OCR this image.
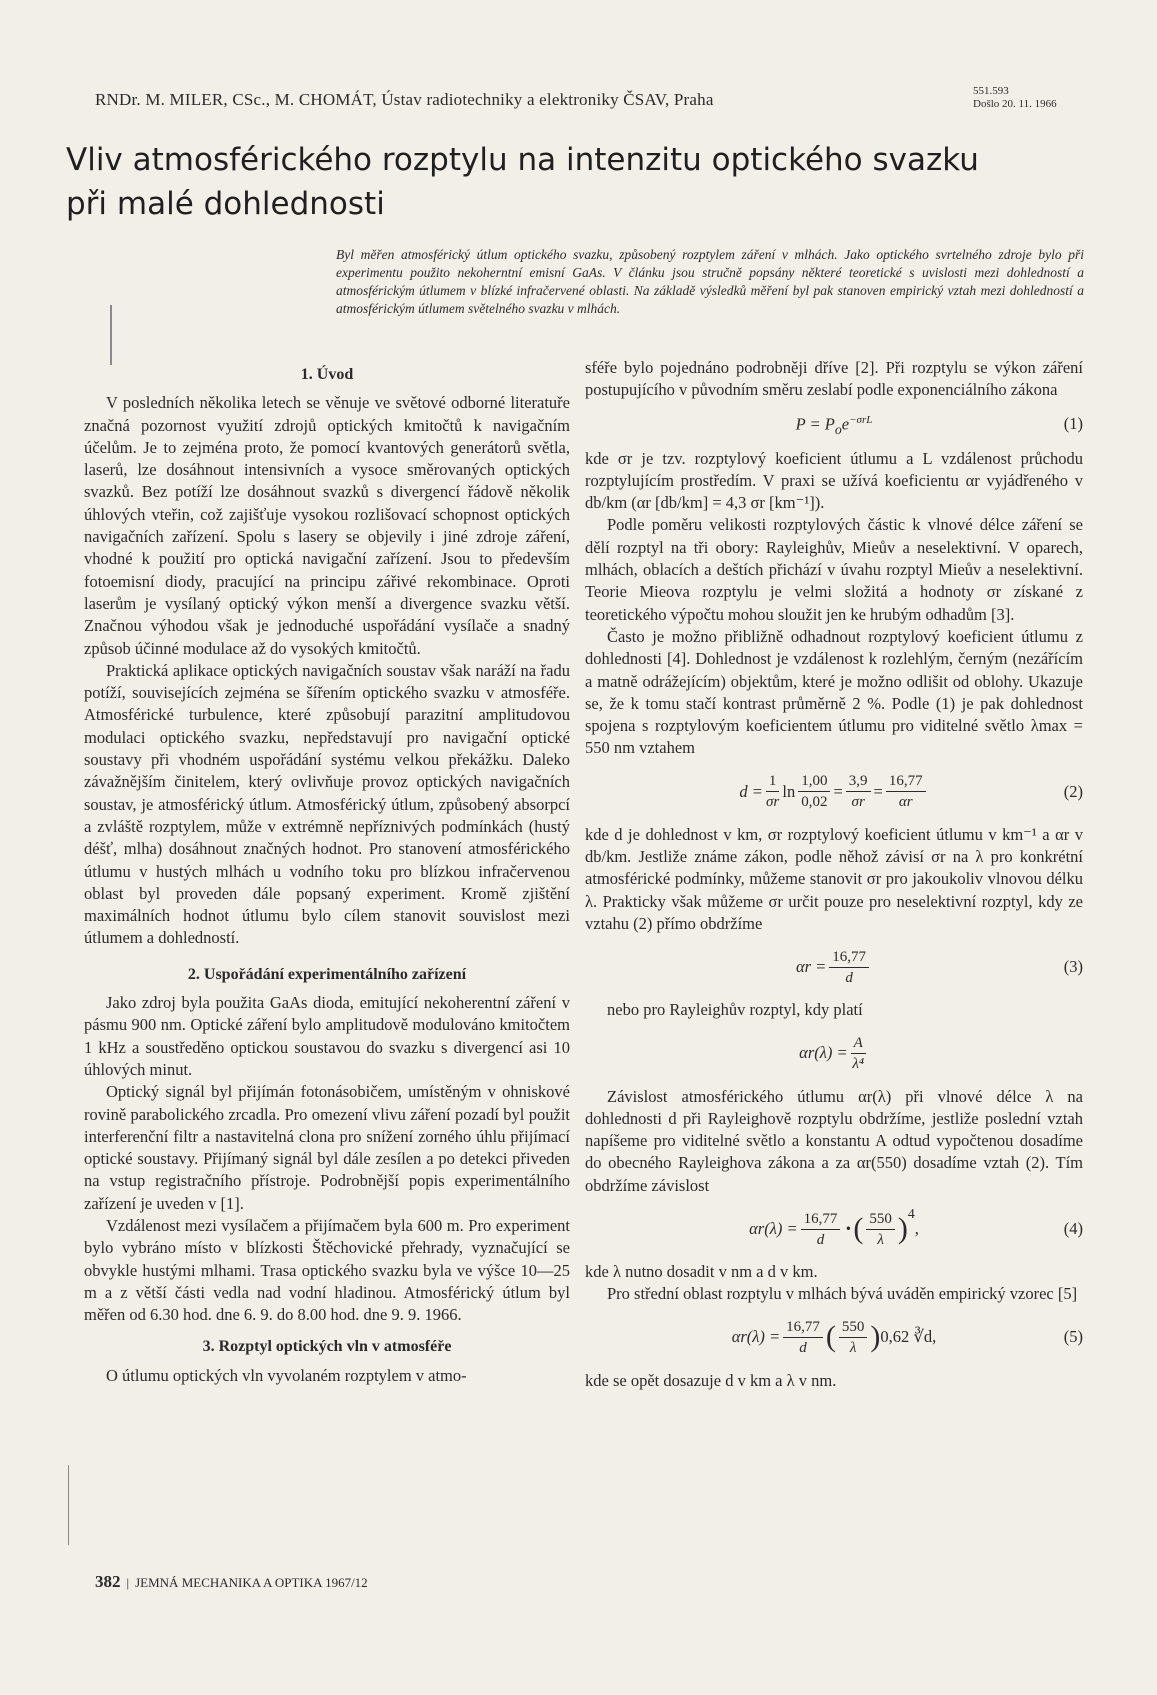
RNDr. M. MILER, CSc., M. CHOMÁT, Ústav radiotechniky a elektroniky ČSAV, Praha	551.593
Došlo 20. 11. 1966
Vliv atmosférického rozptylu na intenzitu optického svazku
při malé dohlednosti
Byl měřen atmosférický útlum optického svazku, způsobený rozptylem záření v mlhách. Jako optického svrtelného zdroje bylo při experimentu použito nekoherntní emisní GaAs. V článku jsou stručně popsány některé teoretické s uvislosti mezi dohledností a atmosférickým útlumem v blízké infračervené oblasti. Na základě výsledků měření byl pak stanoven empirický vztah mezi dohledností a atmosférickým útlumem světelného svazku v mlhách.
1. Úvod

V posledních několika letech se věnuje ve světové odborné literatuře značná pozornost využití zdrojů optických kmitočtů k navigačním účelům. Je to zejména proto, že pomocí kvantových generátorů světla, laserů, lze dosáhnout intensivních a vysoce směrovaných optických svazků. Bez potíží lze dosáhnout svazků s divergencí řádově několik úhlových vteřin, což zajišťuje vysokou rozlišovací schopnost optických navigačních zařízení. Spolu s lasery se objevily i jiné zdroje záření, vhodné k použití pro optická navigační zařízení. Jsou to především fotoemisní diody, pracující na principu zářivé rekombinace. Oproti laserům je vysílaný optický výkon menší a divergence svazku větší. Značnou výhodou však je jednoduché uspořádání vysílače a snadný způsob účinné modulace až do vysokých kmitočtů.

Praktická aplikace optických navigačních soustav však naráží na řadu potíží, souvisejících zejména se šířením optického svazku v atmosféře. Atmosférické turbulence, které způsobují parazitní amplitudovou modulaci optického svazku, nepředstavují pro navigační optické soustavy při vhodném uspořádání systému velkou překážku. Daleko závažnějším činitelem, který ovlivňuje provoz optických navigačních soustav, je atmosférický útlum. Atmosférický útlum, způsobený absorpcí a zvláště rozptylem, může v extrémně nepříznivých podmínkách (hustý déšť, mlha) dosáhnout značných hodnot. Pro stanovení atmosférického útlumu v hustých mlhách u vodního toku pro blízkou infračervenou oblast byl proveden dále popsaný experiment. Kromě zjištění maximálních hodnot útlumu bylo cílem stanovit souvislost mezi útlumem a dohledností.

2. Uspořádání experimentálního zařízení

Jako zdroj byla použita GaAs dioda, emitující nekoherentní záření v pásmu 900 nm. Optické záření bylo amplitudově modulováno kmitočtem 1 kHz a soustředěno optickou soustavou do svazku s divergencí asi 10 úhlových minut.

Optický signál byl přijímán fotonásobičem, umístěným v ohniskové rovině parabolického zrcadla. Pro omezení vlivu záření pozadí byl použit interferenční filtr a nastavitelná clona pro snížení zorného úhlu přijímací optické soustavy. Přijímaný signál byl dále zesílen a po detekci přiveden na vstup registračního přístroje. Podrobnější popis experimentálního zařízení je uveden v [1].

Vzdálenost mezi vysílačem a přijímačem byla 600 m. Pro experiment bylo vybráno místo v blízkosti Štěchovické přehrady, vyznačující se obvykle hustými mlhami. Trasa optického svazku byla ve výšce 10—25 m a z větší části vedla nad vodní hladinou. Atmosférický útlum byl měřen od 6.30 hod. dne 6. 9. do 8.00 hod. dne 9. 9. 1966.

3. Rozptyl optických vln v atmosféře

O útlumu optických vln vyvolaném rozptylem v atmo-

sféře bylo pojednáno podrobněji dříve [2]. Při rozptylu se výkon záření postupujícího v původním směru zeslabí podle exponenciálního zákona

$P = P_oe^{-\sigma rL}$	(1)

kde σr je tzv. rozptylový koeficient útlumu a L vzdálenost průchodu rozptylujícím prostředím. V praxi se užívá koeficientu αr vyjádřeného v db/km (αr [db/km] = 4,3 σr [km⁻¹]).

Podle poměru velikosti rozptylových částic k vlnové délce záření se dělí rozptyl na tři obory: Rayleighův, Mieův a neselektivní. V oparech, mlhách, oblacích a deštích přichází v úvahu rozptyl Mieův a neselektivní. Teorie Mieova rozptylu je velmi složitá a hodnoty σr získané z teoretického výpočtu mohou sloužit jen ke hrubým odhadům [3].

Často je možno přibližně odhadnout rozptylový koeficient útlumu z dohlednosti [4]. Dohlednost je vzdálenost k rozlehlým, černým (nezářícím a matně odrážejícím) objektům, které je možno odlišit od oblohy. Ukazuje se, že k tomu stačí kontrast průměrně 2 %. Podle (1) je pak dohlednost spojena s rozptylovým koeficientem útlumu pro viditelné světlo λmax = 550 nm vztahem

$d = \frac{1}{\sigma r}$ $\ln \frac{1,00}{0,02} = \frac{3,9}{\sigma r} = \frac{16,77}{\alpha r}$	(2)

kde d je dohlednost v km, σr rozptylový koeficient útlumu v km⁻¹ a αr v db/km. Jestliže známe zákon, podle něhož závisí σr na λ pro konkrétní atmosférické podmínky, můžeme stanovit σr pro jakoukoliv vlnovou délku λ. Prakticky však můžeme σr určit pouze pro neselektivní rozptyl, kdy ze vztahu (2) přímo obdržíme

$\alpha r = \frac{16,77}{d}$	(3)

nebo pro Rayleighův rozptyl, kdy platí

$\alpha r(\lambda) = \frac{A}{\text{λ⁴}}$

Závislost atmosférického útlumu αr(λ) při vlnové délce λ na dohlednosti d při Rayleighově rozptylu obdržíme, jestliže poslední vztah napíšeme pro viditelné světlo a konstantu A odtud vypočtenou dosadíme do obecného Rayleighova zákona a za αr(550) dosadíme vztah (2). Tím obdržíme závislost

$\alpha r(\lambda) = \frac{16,77}{d}$ ·( $\frac{550}{\lambda} )^4$
,	(4)

kde λ nutno dosadit v nm a d v km.

Pro střední oblast rozptylu v mlhách bývá uváděn empirický vzorec [5]

$\alpha r(\lambda) = \frac{16,77}{d}$ ( $\frac{550}{\lambda}$ ) 0,62 ∛d,	(5)

kde se opět dosazuje d v km a λ v nm.

382 | JEMNÁ MECHANIKA A OPTIKA 1967/12
